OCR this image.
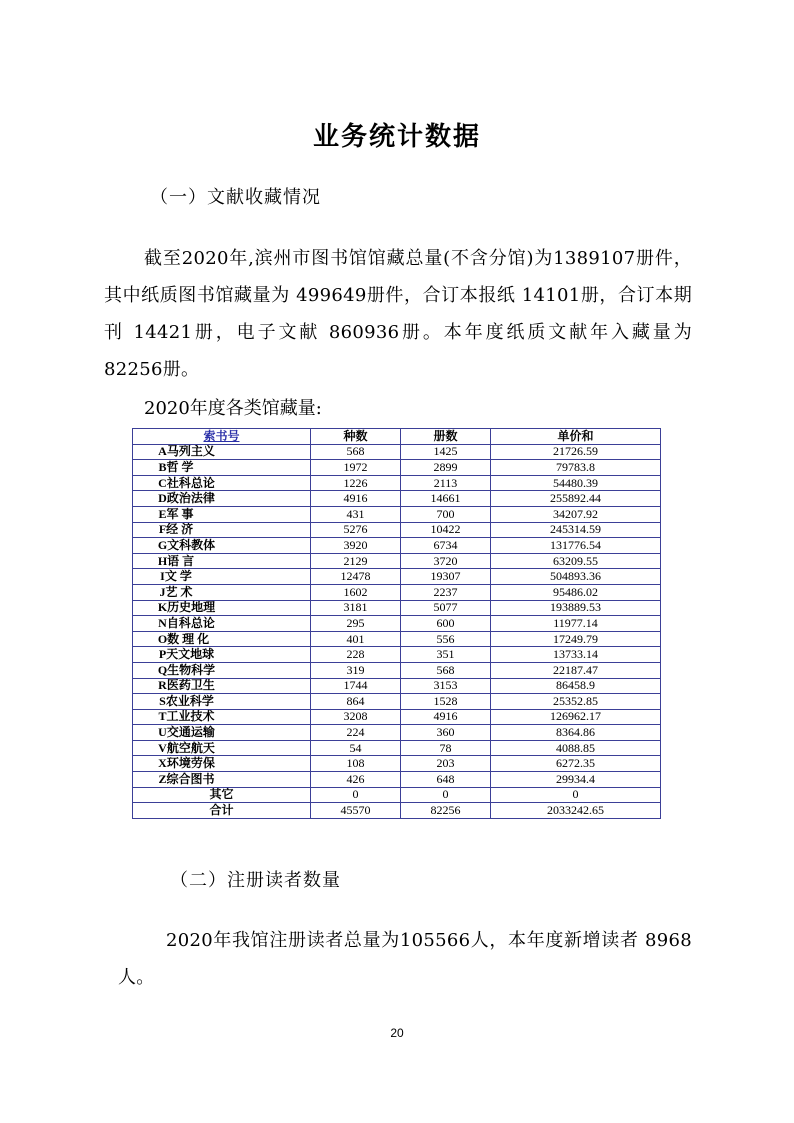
业务统计数据

（一）文献收藏情况

截至2020年,滨州市图书馆馆藏总量(不含分馆)为1389107册件，其中纸质图书馆藏量为 499649册件，合订本报纸 14101册，合订本期刊 14421册，电子文献 860936册。本年度纸质文献年入藏量为 82256册。

2020年度各类馆藏量:

索书号	种数	册数	单价和
A马列主义	568	1425	21726.59
B哲 学	1972	2899	79783.8
C社科总论	1226	2113	54480.39
D政治法律	4916	14661	255892.44
E军 事	431	700	34207.92
F经 济	5276	10422	245314.59
G文科教体	3920	6734	131776.54
H语 言	2129	3720	63209.55
I文 学	12478	19307	504893.36
J艺 术	1602	2237	95486.02
K历史地理	3181	5077	193889.53
N自科总论	295	600	11977.14
O数 理 化	401	556	17249.79
P天文地球	228	351	13733.14
Q生物科学	319	568	22187.47
R医药卫生	1744	3153	86458.9
S农业科学	864	1528	25352.85
T工业技术	3208	4916	126962.17
U交通运输	224	360	8364.86
V航空航天	54	78	4088.85
X环境劳保	108	203	6272.35
Z综合图书	426	648	29934.4
其它	0	0	0
合计	45570	82256	2033242.65

（二）注册读者数量

2020年我馆注册读者总量为105566人，本年度新增读者 8968人。

20
